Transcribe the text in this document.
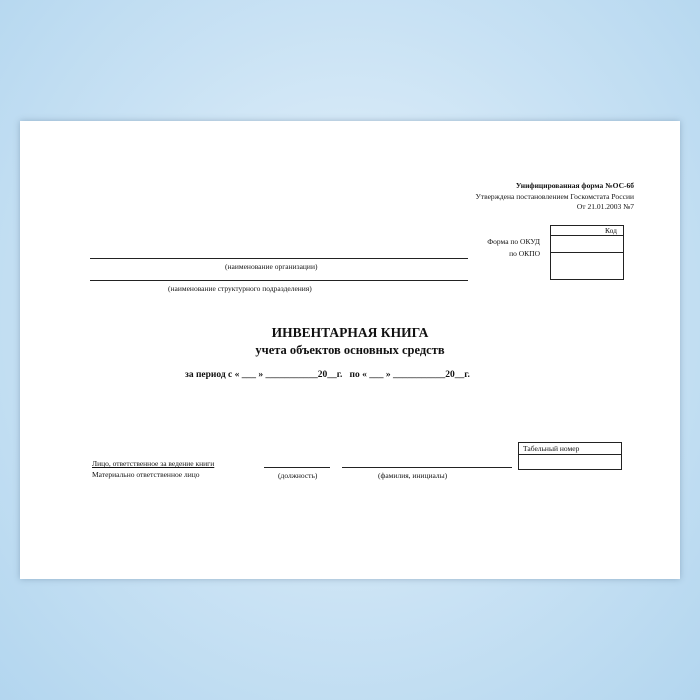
Унифицированная форма №ОС-6б
Утверждена постановлением Госкомстата России
От 21.01.2003 №7
Форма по ОКУД
по ОКПО
Код

(наименование организации)
(наименование структурного подразделения)
ИНВЕНТАРНАЯ КНИГА
учета объектов основных средств
за период с « ___ » ___________20__г.   по « ___ » ___________20__г.
Лицо, ответственное за ведение книги
Материально ответственное лицо	(должность)	(фамилия, инициалы)
Табельный номер
